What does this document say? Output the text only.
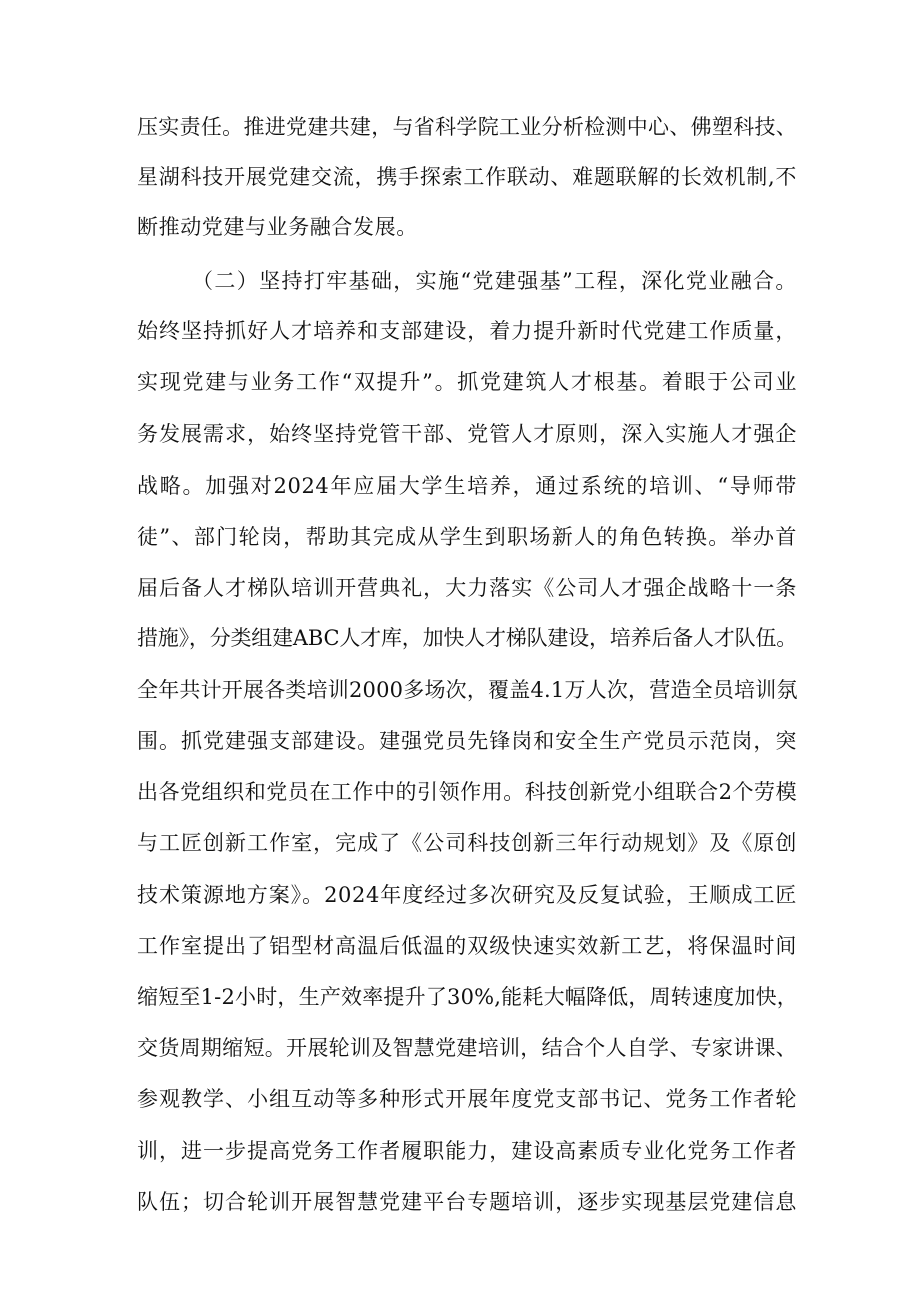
压实责任。推进党建共建，与省科学院工业分析检测中心、佛塑科技、
星湖科技开展党建交流，携手探索工作联动、难题联解的长效机制,不
断推动党建与业务融合发展。
（二）坚持打牢基础，实施“党建强基”工程，深化党业融合。
始终坚持抓好人才培养和支部建设，着力提升新时代党建工作质量，
实现党建与业务工作“双提升”。抓党建筑人才根基。着眼于公司业
务发展需求，始终坚持党管干部、党管人才原则，深入实施人才强企
战略。加强对2024年应届大学生培养，通过系统的培训、“导师带
徒”、部门轮岗，帮助其完成从学生到职场新人的角色转换。举办首
届后备人才梯队培训开营典礼，大力落实《公司人才强企战略十一条
措施》，分类组建ABC人才库，加快人才梯队建设，培养后备人才队伍。
全年共计开展各类培训2000多场次，覆盖4.1万人次，营造全员培训氛
围。抓党建强支部建设。建强党员先锋岗和安全生产党员示范岗，突
出各党组织和党员在工作中的引领作用。科技创新党小组联合2个劳模
与工匠创新工作室，完成了《公司科技创新三年行动规划》及《原创
技术策源地方案》。2024年度经过多次研究及反复试验，王顺成工匠
工作室提出了铝型材高温后低温的双级快速实效新工艺，将保温时间
缩短至1-2小时，生产效率提升了30%,能耗大幅降低，周转速度加快，
交货周期缩短。开展轮训及智慧党建培训，结合个人自学、专家讲课、
参观教学、小组互动等多种形式开展年度党支部书记、党务工作者轮
训，进一步提高党务工作者履职能力，建设高素质专业化党务工作者
队伍；切合轮训开展智慧党建平台专题培训，逐步实现基层党建信息
